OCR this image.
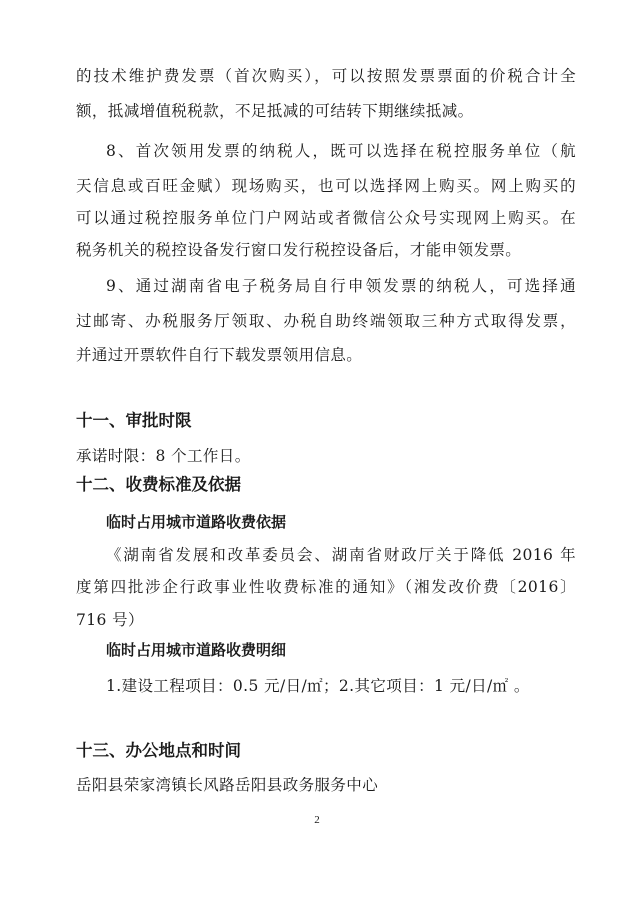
的技术维护费发票（首次购买），可以按照发票票面的价税合计全
额，抵减增值税税款，不足抵减的可结转下期继续抵减。
8、首次领用发票的纳税人，既可以选择在税控服务单位（航
天信息或百旺金赋）现场购买，也可以选择网上购买。网上购买的
可以通过税控服务单位门户网站或者微信公众号实现网上购买。在
税务机关的税控设备发行窗口发行税控设备后，才能申领发票。
9、通过湖南省电子税务局自行申领发票的纳税人，可选择通
过邮寄、办税服务厅领取、办税自助终端领取三种方式取得发票，
并通过开票软件自行下载发票领用信息。
十一、审批时限
承诺时限：8 个工作日。
十二、收费标准及依据
临时占用城市道路收费依据
《湖南省发展和改革委员会、湖南省财政厅关于降低 2016 年
度第四批涉企行政事业性收费标准的通知》（湘发改价费〔2016〕
716 号）
临时占用城市道路收费明细
1.建设工程项目：0.5 元/日/㎡；2.其它项目：1 元/日/㎡ 。
十三、办公地点和时间
岳阳县荣家湾镇长风路岳阳县政务服务中心
2
